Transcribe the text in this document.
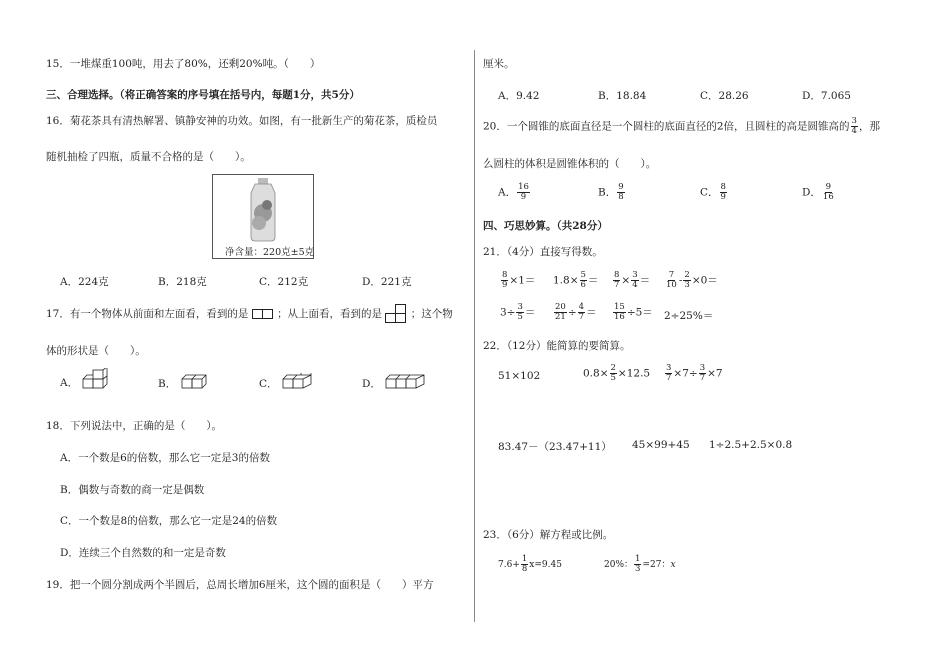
15．一堆煤重100吨，用去了80%，还剩20%吨。（　　）
三、合理选择。（将正确答案的序号填在括号内，每题1分，共5分）
16．菊花茶具有清热解署、镇静安神的功效。如图，有一批新生产的菊花茶，质检员
随机抽检了四瓶，质量不合格的是（　　）。
净含量：220克±5克
A．224克	B．218克	C．212克	D．221克
17．有一个物体从前面和左面看，看到的是	；从上面看，看到的是	；这个物
体的形状是（　　）。
A．	B．	C．	D．
18．下列说法中，正确的是（　　）。
A．一个数是6的倍数，那么它一定是3的倍数
B．偶数与奇数的商一定是偶数
C．一个数是8的倍数，那么它一定是24的倍数
D．连续三个自然数的和一定是奇数
19．把一个圆分割成两个半圆后，总周长增加6厘米，这个圆的面积是（　　）平方
厘米。
A．9.42	B．18.84	C．28.26	D．7.065
20．一个圆锥的底面直径是一个圆柱的底面直径的2倍，且圆柱的高是圆锥高的 $\frac{3}{4}$ ，那
么圆柱的体积是圆锥体积的（　　）。
A． $\frac{16}{9}$	B． $\frac{9}{8}$	C． $\frac{8}{9}$	D． $\frac{9}{16}$
四、巧思妙算。（共28分）
21．（4分）直接写得数。
$\frac{8}{9} \times 1= 1.8\times \frac{5}{6} = \frac{8}{7} \times \frac{3}{4} = \frac{7}{10} - \frac{2}{3} \times 0=$
$3\div \frac{3}{5} = \frac{20}{21} \div \frac{4}{7} = \frac{15}{16} \div 5= 2\div 25\%=$
22．（12分）能简算的要简算。
51×102	$0.8\times \frac{2}{5} \times 12.5 \frac{3}{7} \times 7\div \frac{3}{7} \times 7$
83.47－（23.47+11） 45×99+45 1÷2.5+2.5×0.8
23．（6分）解方程或比例。
$7.6+ \frac{1}{8} x=9.45$	20%： $\frac{1}{3} =27$：x
